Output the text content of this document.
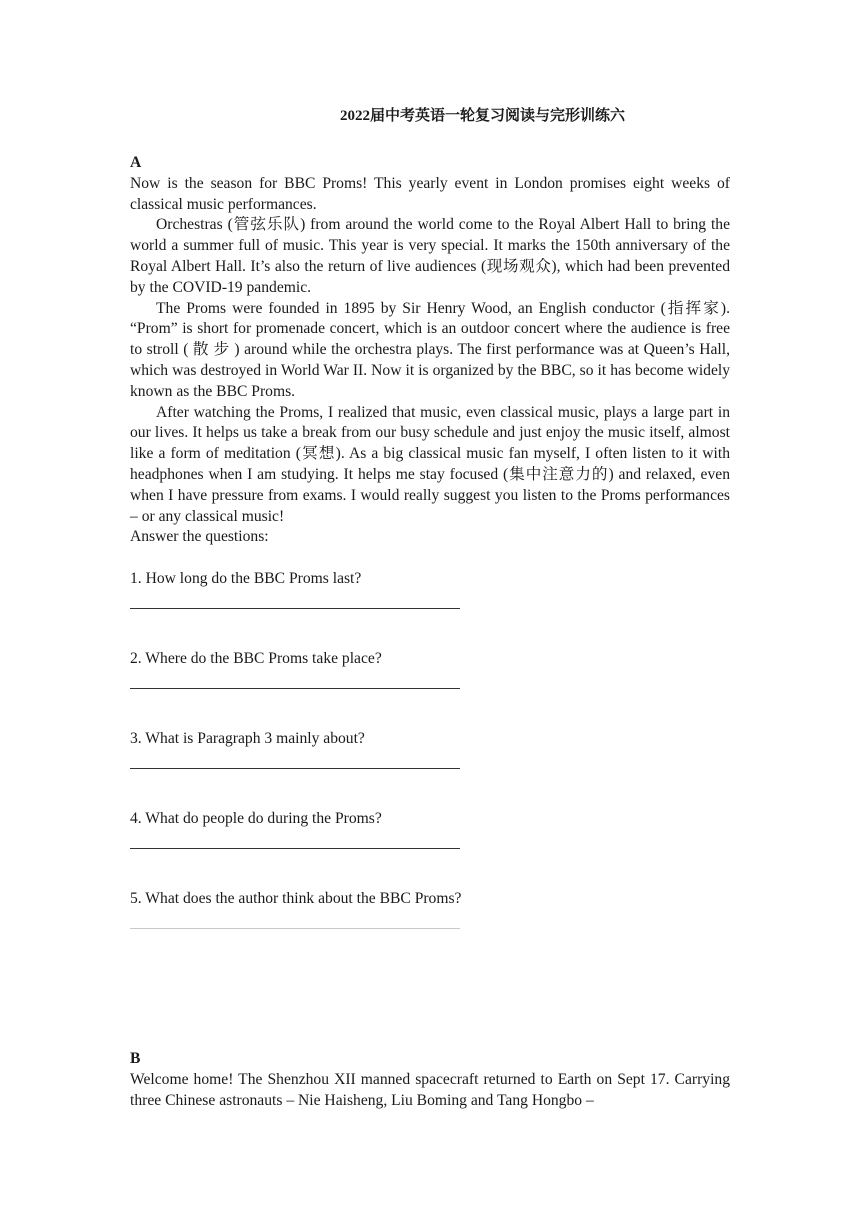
2022届中考英语一轮复习阅读与完形训练六
A

Now is the season for BBC Proms! This yearly event in London promises eight weeks of classical music performances.

Orchestras (管弦乐队) from around the world come to the Royal Albert Hall to bring the world a summer full of music. This year is very special. It marks the 150th anniversary of the Royal Albert Hall. It’s also the return of live audiences (现场观众), which had been prevented by the COVID-19 pandemic.

The Proms were founded in 1895 by Sir Henry Wood, an English conductor (指挥家). “Prom” is short for promenade concert, which is an outdoor concert where the audience is free to stroll ( 散 步 ) around while the orchestra plays. The first performance was at Queen’s Hall, which was destroyed in World War II. Now it is organized by the BBC, so it has become widely known as the BBC Proms.

After watching the Proms, I realized that music, even classical music, plays a large part in our lives. It helps us take a break from our busy schedule and just enjoy the music itself, almost like a form of meditation (冥想). As a big classical music fan myself, I often listen to it with headphones when I am studying. It helps me stay focused (集中注意力的) and relaxed, even when I have pressure from exams. I would really suggest you listen to the Proms performances – or any classical music!

Answer the questions:
1. How long do the BBC Proms last?
2. Where do the BBC Proms take place?
3. What is Paragraph 3 mainly about?
4. What do people do during the Proms?
5. What does the author think about the BBC Proms?
B

Welcome home! The Shenzhou XII manned spacecraft returned to Earth on Sept 17. Carrying three Chinese astronauts – Nie Haisheng, Liu Boming and Tang Hongbo –
